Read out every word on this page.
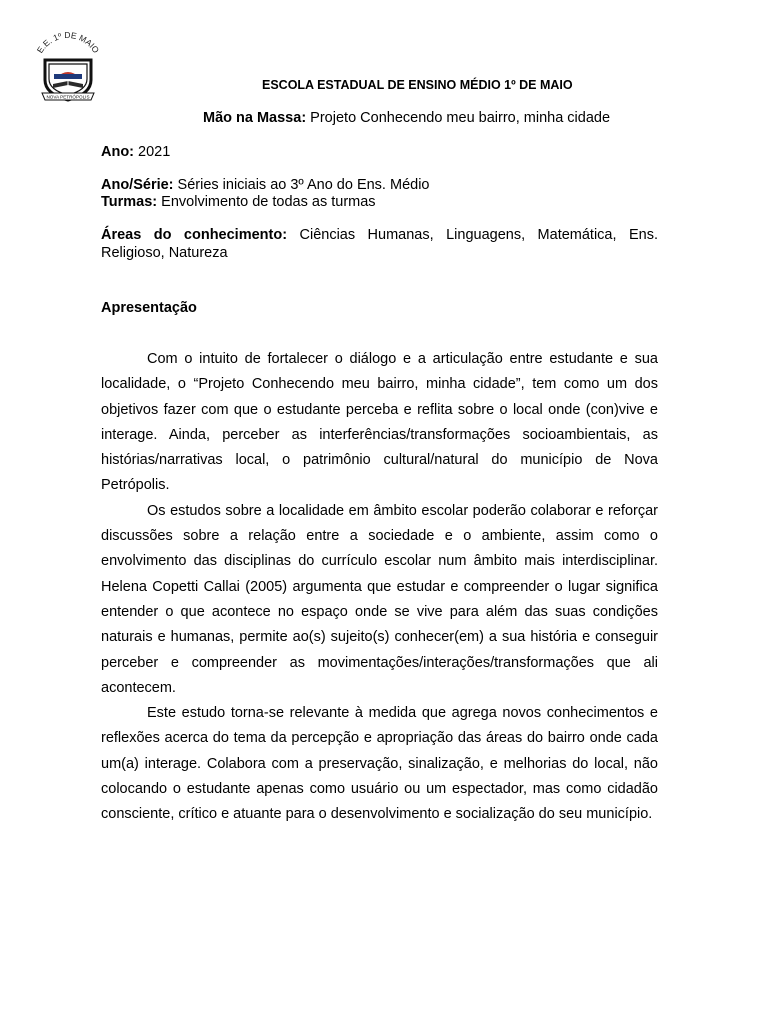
E.E. 1º DE MAIO
NOVA PETRÓPOLIS
ESCOLA ESTADUAL DE ENSINO MÉDIO 1º DE MAIO
Mão na Massa: Projeto Conhecendo meu bairro, minha cidade
Ano: 2021
Ano/Série: Séries iniciais ao 3º Ano do Ens. Médio
Turmas: Envolvimento de todas as turmas
Áreas do conhecimento: Ciências Humanas, Linguagens, Matemática, Ens. Religioso, Natureza
Apresentação

Com o intuito de fortalecer o diálogo e a articulação entre estudante e sua localidade, o “Projeto Conhecendo meu bairro, minha cidade”, tem como um dos objetivos fazer com que o estudante perceba e reflita sobre o local onde (con)vive e interage. Ainda, perceber as interferências/transformações socioambientais, as histórias/narrativas local, o patrimônio cultural/natural do município de Nova Petrópolis.

Os estudos sobre a localidade em âmbito escolar poderão colaborar e reforçar discussões sobre a relação entre a sociedade e o ambiente, assim como o envolvimento das disciplinas do currículo escolar num âmbito mais interdisciplinar. Helena Copetti Callai (2005) argumenta que estudar e compreender o lugar significa entender o que acontece no espaço onde se vive para além das suas condições naturais e humanas, permite ao(s) sujeito(s) conhecer(em) a sua história e conseguir perceber e compreender as movimentações/interações/transformações que ali acontecem.

Este estudo torna-se relevante à medida que agrega novos conhecimentos e reflexões acerca do tema da percepção e apropriação das áreas do bairro onde cada um(a) interage. Colabora com a preservação, sinalização, e melhorias do local, não colocando o estudante apenas como usuário ou um espectador, mas como cidadão consciente, crítico e atuante para o desenvolvimento e socialização do seu município.
